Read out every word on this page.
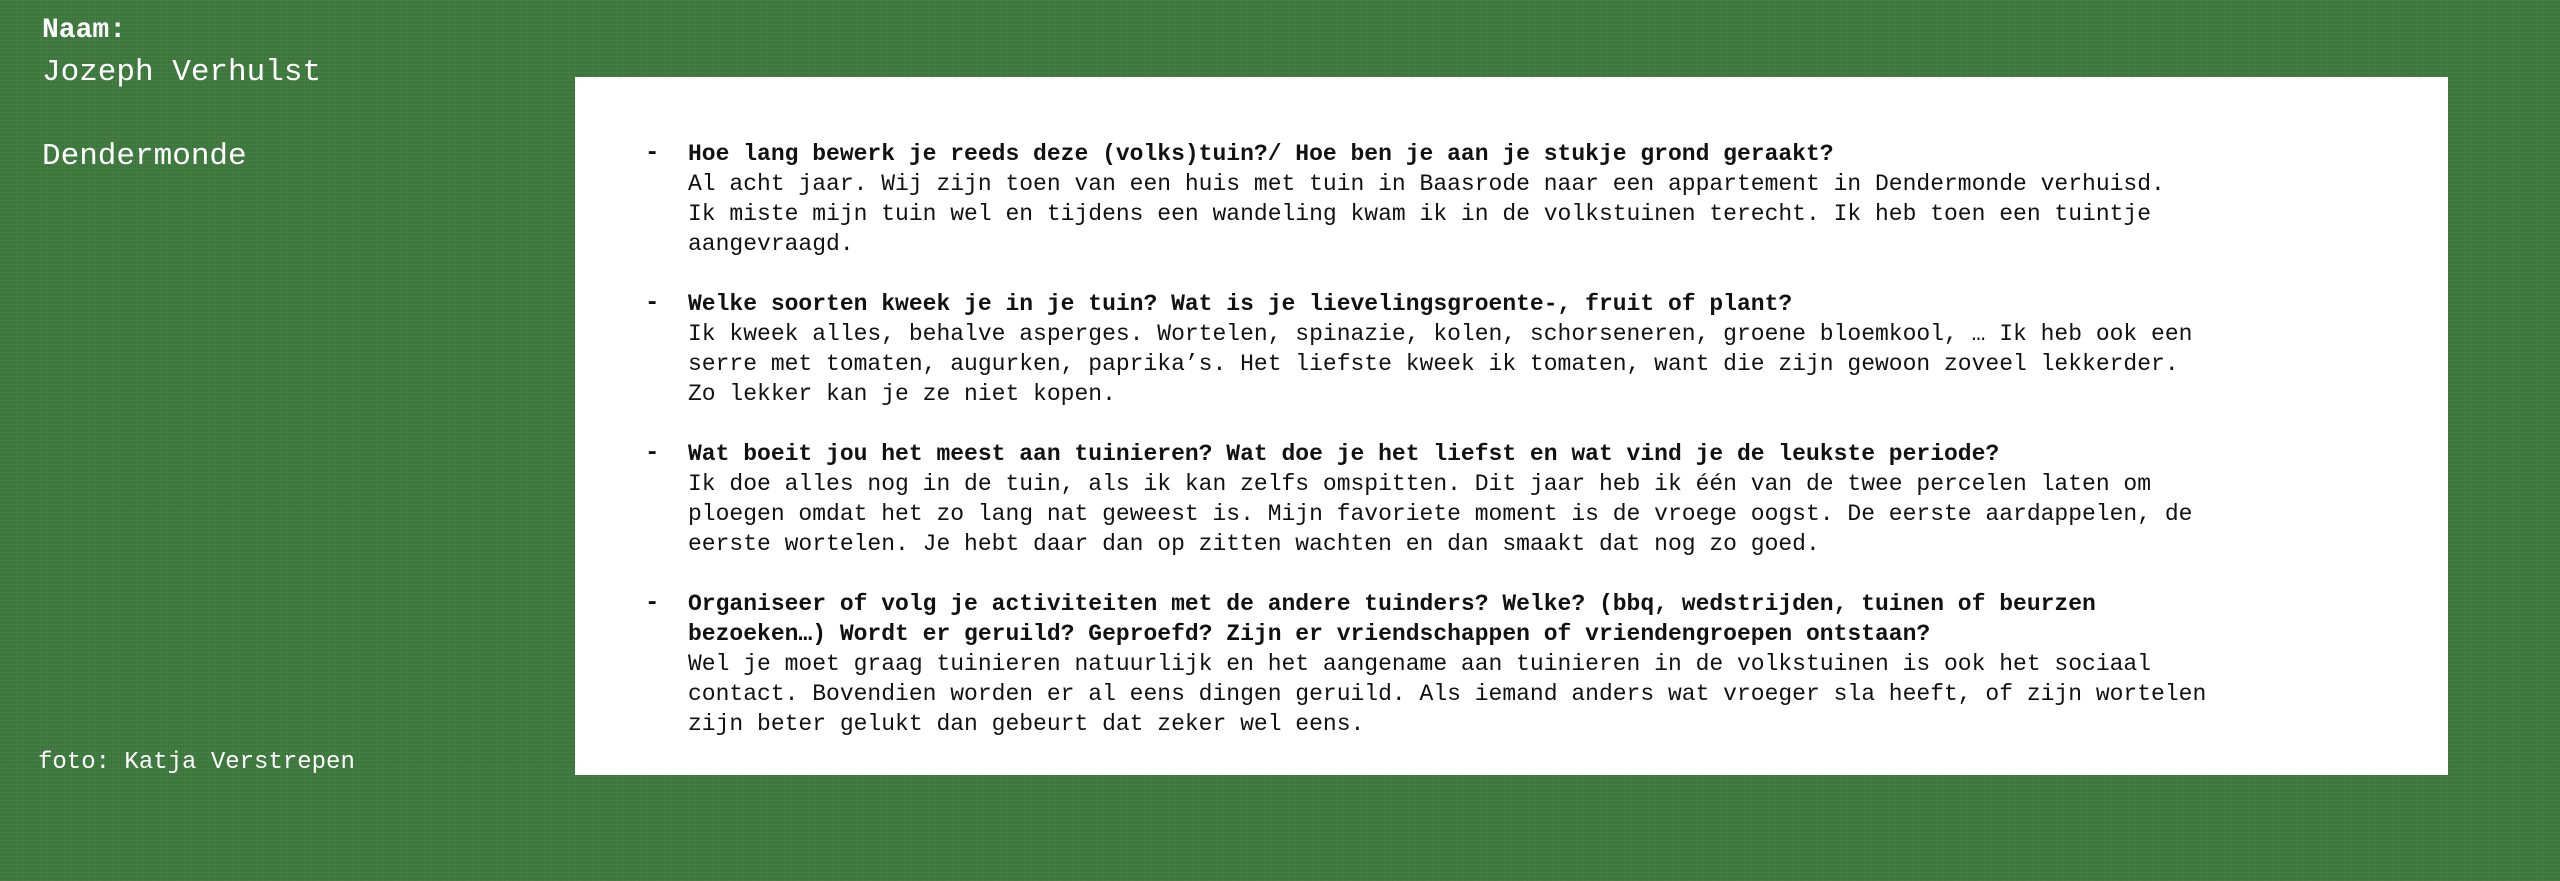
Naam:
Jozeph Verhulst
Dendermonde
foto: Katja Verstrepen
-	Hoe lang bewerk je reeds deze (volks)tuin?/ Hoe ben je aan je stukje grond geraakt?

Al acht jaar. Wij zijn toen van een huis met tuin in Baasrode naar een appartement in Dendermonde verhuisd.
Ik miste mijn tuin wel en tijdens een wandeling kwam ik in de volkstuinen terecht. Ik heb toen een tuintje
aangevraagd.

-	Welke soorten kweek je in je tuin? Wat is je lievelingsgroente-, fruit of plant?

Ik kweek alles, behalve asperges. Wortelen, spinazie, kolen, schorseneren, groene bloemkool, … Ik heb ook een
serre met tomaten, augurken, paprika’s. Het liefste kweek ik tomaten, want die zijn gewoon zoveel lekkerder.
Zo lekker kan je ze niet kopen.

-	Wat boeit jou het meest aan tuinieren? Wat doe je het liefst en wat vind je de leukste periode?

Ik doe alles nog in de tuin, als ik kan zelfs omspitten. Dit jaar heb ik één van de twee percelen laten om
ploegen omdat het zo lang nat geweest is. Mijn favoriete moment is de vroege oogst. De eerste aardappelen, de
eerste wortelen. Je hebt daar dan op zitten wachten en dan smaakt dat nog zo goed.

-	Organiseer of volg je activiteiten met de andere tuinders? Welke? (bbq, wedstrijden, tuinen of beurzen
bezoeken…) Wordt er geruild? Geproefd? Zijn er vriendschappen of vriendengroepen ontstaan?

Wel je moet graag tuinieren natuurlijk en het aangename aan tuinieren in de volkstuinen is ook het sociaal
contact. Bovendien worden er al eens dingen geruild. Als iemand anders wat vroeger sla heeft, of zijn wortelen
zijn beter gelukt dan gebeurt dat zeker wel eens.
